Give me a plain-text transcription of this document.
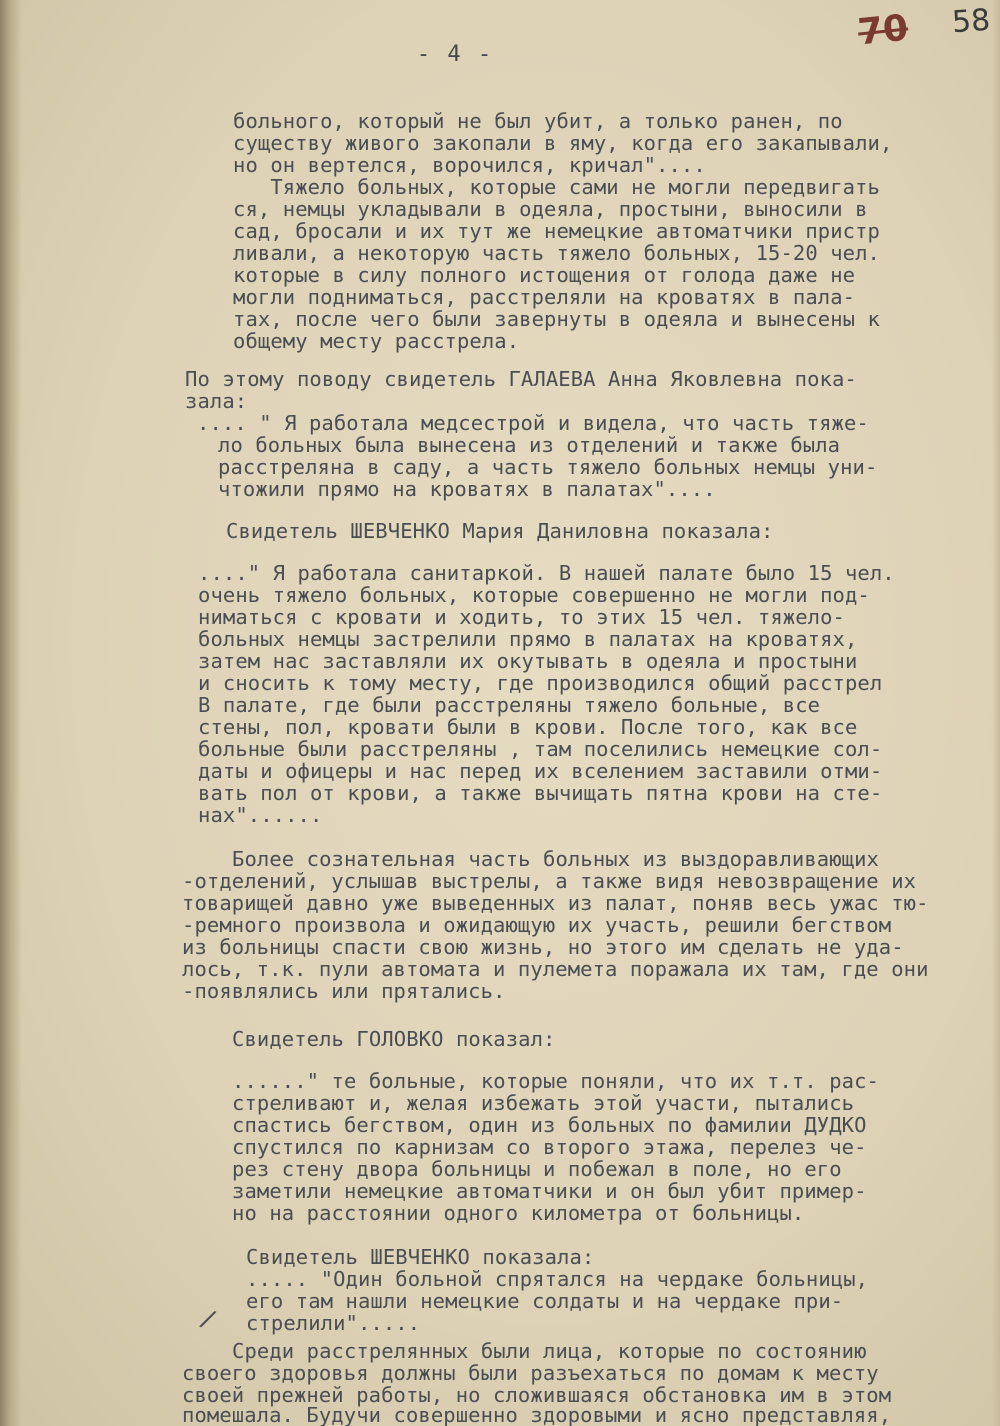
70 58
- 4 -
больного, который не был убит, а только ранен, по
существу живого закопали в яму, когда его закапывали,
но он вертелся, ворочился, кричал"....
Тяжело больных, которые сами не могли передвигать
ся, немцы укладывали в одеяла, простыни, выносили в
сад, бросали и их тут же немецкие автоматчики пристр
ливали, а некоторую часть тяжело больных, 15-20 чел.
которые в силу полного истощения от голода даже не
могли подниматься, расстреляли на кроватях в пала-
тах, после чего были завернуты в одеяла и вынесены к
общему месту расстрела.
По этому поводу свидетель ГАЛАЕВА Анна Яковлевна пока-
зала:
.... " Я работала медсестрой и видела, что часть тяже-
ло больных была вынесена из отделений и также была
расстреляна в саду, а часть тяжело больных немцы уни-
чтожили прямо на кроватях в палатах"....
Свидетель ШЕВЧЕНКО Мария Даниловна показала:
...." Я работала санитаркой. В нашей палате было 15 чел.
очень тяжело больных, которые совершенно не могли под-
ниматься с кровати и ходить, то этих 15 чел. тяжело-
больных немцы застрелили прямо в палатах на кроватях,
затем нас заставляли их окутывать в одеяла и простыни
и сносить к тому месту, где производился общий расстрел
В палате, где были расстреляны тяжело больные, все
стены, пол, кровати были в крови. После того, как все
больные были расстреляны , там поселились немецкие сол-
даты и офицеры и нас перед их вселением заставили отми-
вать пол от крови, а также вычищать пятна крови на сте-
нах"......
Более сознательная часть больных из выздоравливающих
-отделений, услышав выстрелы, а также видя невозвращение их
товарищей давно уже выведенных из палат, поняв весь ужас тю-
-ремного произвола и ожидающую их участь, решили бегством
из больницы спасти свою жизнь, но этого им сделать не уда-
лось, т.к. пули автомата и пулемета поражала их там, где они
-появлялись или прятались.
Свидетель ГОЛОВКО показал:
......" те больные, которые поняли, что их т.т. рас-
стреливают и, желая избежать этой участи, пытались
спастись бегством, один из больных по фамилии ДУДКО
спустился по карнизам со второго этажа, перелез че-
рез стену двора больницы и побежал в поле, но его
заметили немецкие автоматчики и он был убит пример-
но на расстоянии одного километра от больницы.
Свидетель ШЕВЧЕНКО показала:
..... "Один больной спрятался на чердаке больницы,
его там нашли немецкие солдаты и на чердаке при-
стрелили".....
/
Среди расстрелянных были лица, которые по состоянию
своего здоровья должны были разъехаться по домам к месту
своей прежней работы, но сложившаяся обстановка им в этом
помешала. Будучи совершенно здоровыми и ясно представляя,
